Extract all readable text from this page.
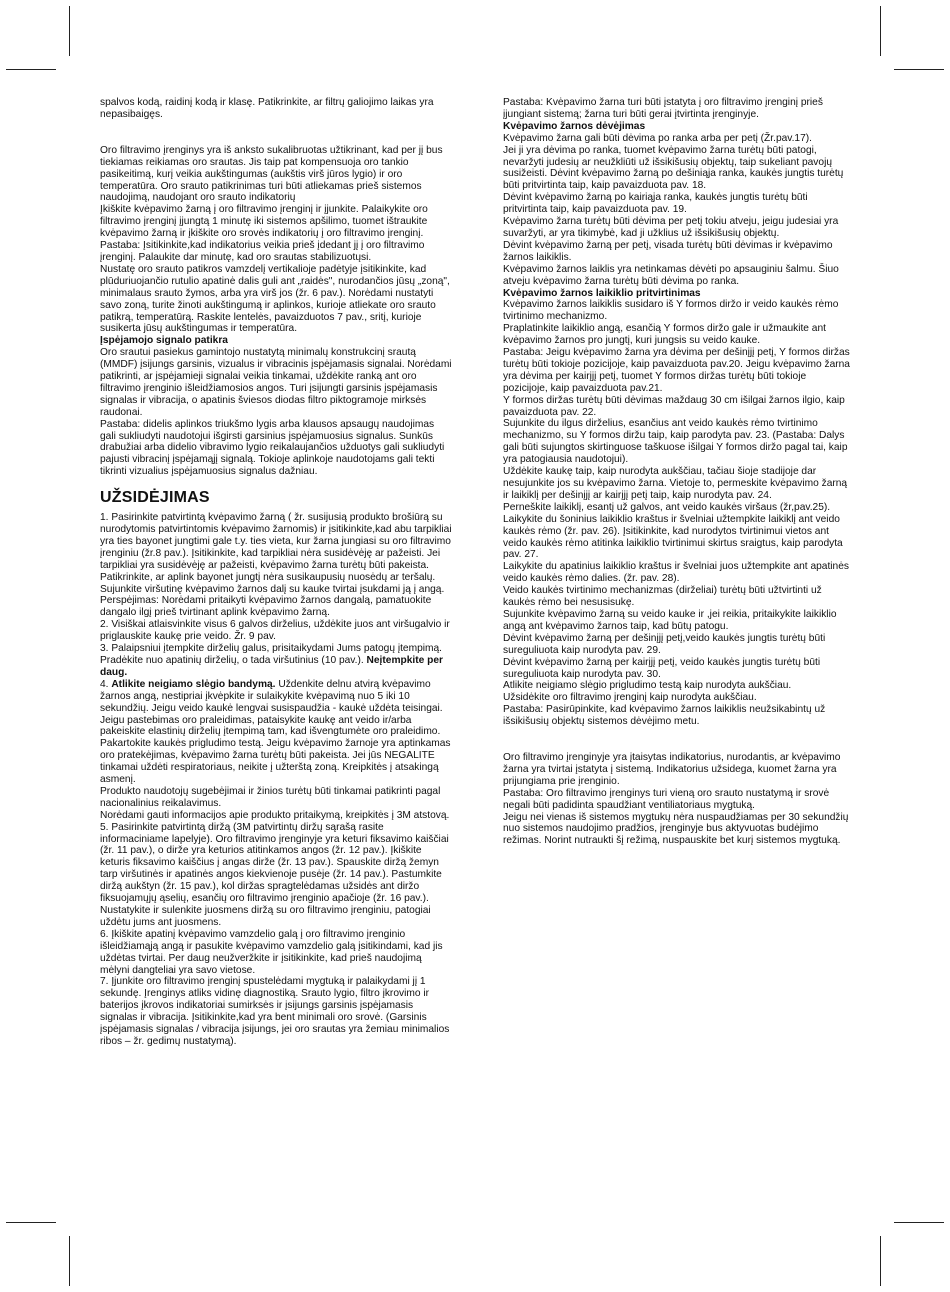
spalvos kodą, raidinį kodą ir klasę. Patikrinkite, ar filtrų galiojimo laikas yra nepasibaigęs.

Oro filtravimo įrenginys yra iš anksto sukalibruotas užtikrinant, kad per jį bus tiekiamas reikiamas oro srautas. Jis taip pat kompensuoja oro tankio pasikeitimą, kurį veikia aukštingumas (aukštis virš jūros lygio) ir oro temperatūra. Oro srauto patikrinimas turi būti atliekamas prieš sistemos naudojimą, naudojant oro srauto indikatorių

Įkiškite kvėpavimo žarną į oro filtravimo įrenginį ir įjunkite. Palaikykite oro filtravimo įrenginį įjungtą 1 minutę iki sistemos apšilimo, tuomet ištraukite kvėpavimo žarną ir įkiškite oro srovės indikatorių į oro filtravimo įrenginį.

Pastaba: Įsitikinkite,kad indikatorius veikia prieš įdedant jį į oro filtravimo įrenginį. Palaukite dar minutę, kad oro srautas stabilizuotųsi.

Nustatę oro srauto patikros vamzdelį vertikalioje padėtyje įsitikinkite, kad plūduriuojančio rutulio apatinė dalis guli ant „raidės", nurodančios jūsų „zoną", minimalaus srauto žymos, arba yra virš jos (žr. 6 pav.). Norėdami nustatyti savo zoną, turite žinoti aukštingumą ir aplinkos, kurioje atliekate oro srauto patikrą, temperatūrą. Raskite lentelės, pavaizduotos 7 pav., sritį, kurioje susikerta jūsų aukštingumas ir temperatūra.

Įspėjamojo signalo patikra

Oro srautui pasiekus gamintojo nustatytą minimalų konstrukcinį srautą (MMDF) įsijungs garsinis, vizualus ir vibracinis įspėjamasis signalai. Norėdami patikrinti, ar įspėjamieji signalai veikia tinkamai, uždėkite ranką ant oro filtravimo įrenginio išleidžiamosios angos. Turi įsijungti garsinis įspėjamasis signalas ir vibracija, o apatinis šviesos diodas filtro piktogramoje mirksės raudonai.

Pastaba: didelis aplinkos triukšmo lygis arba klausos apsaugų naudojimas gali sukliudyti naudotojui išgirsti garsinius įspėjamuosius signalus. Sunkūs drabužiai arba didelio vibravimo lygio reikalaujančios užduotys gali sukliudyti pajusti vibracinį įspėjamąjį signalą. Tokioje aplinkoje naudotojams gali tekti tikrinti vizualius įspėjamuosius signalus dažniau.

UŽSIDĖJIMAS

1. Pasirinkite patvirtintą kvėpavimo žarną ( žr. susijusią produkto brošiūrą su nurodytomis patvirtintomis kvėpavimo žarnomis) ir įsitikinkite,kad abu tarpikliai yra ties bayonet jungtimi gale t.y. ties vieta, kur žarna jungiasi su oro filtravimo įrenginiu (žr.8 pav.). Įsitikinkite, kad tarpikliai nėra susidėvėję ar pažeisti. Jei tarpikliai yra susidėvėję ar pažeisti, kvėpavimo žarna turėtų būti pakeista. Patikrinkite, ar aplink bayonet jungtį nėra susikaupusių nuosėdų ar teršalų.

Sujunkite viršutinę kvėpavimo žarnos dalį su kauke tvirtai įsukdami ją į angą.

Perspėjimas: Norėdami pritaikyti kvėpavimo žarnos dangalą, pamatuokite dangalo ilgį prieš tvirtinant aplink kvėpavimo žarną.

2. Visiškai atlaisvinkite visus 6 galvos dirželius, uždėkite juos ant viršugalvio ir priglauskite kaukę prie veido. Žr. 9 pav.

3. Palaipsniui įtempkite dirželių galus, prisitaikydami Jums patogų įtempimą. Pradėkite nuo apatinių dirželių, o tada viršutinius (10 pav.). Neįtempkite per daug.

4. Atlikite neigiamo slėgio bandymą. Uždenkite delnu atvirą kvėpavimo žarnos angą, nestipriai įkvėpkite ir sulaikykite kvėpavimą nuo 5 iki 10 sekundžių. Jeigu veido kaukė lengvai susispaudžia - kaukė uždėta teisingai. Jeigu pastebimas oro praleidimas, pataisykite kaukę ant veido ir/arba pakeiskite elastinių dirželių įtempimą tam, kad išvengtumėte oro praleidimo. Pakartokite kaukės prigludimo testą. Jeigu kvėpavimo žarnoje yra aptinkamas oro pratekėjimas, kvėpavimo žarna turėtų būti pakeista. Jei jūs NEGALITE tinkamai uždėti respiratoriaus, neikite į užterštą zoną. Kreipkitės į atsakingą asmenį.

Produkto naudotojų sugebėjimai ir žinios turėtų būti tinkamai patikrinti pagal nacionalinius reikalavimus.

Norėdami gauti informacijos apie produkto pritaikymą, kreipkitės į 3M atstovą.

5. Pasirinkite patvirtintą diržą (3M patvirtintų diržų sąrašą rasite informaciniame lapelyje). Oro filtravimo įrenginyje yra keturi fiksavimo kaiščiai (žr. 11 pav.), o dirže yra keturios atitinkamos angos (žr. 12 pav.). Įkiškite keturis fiksavimo kaiščius į angas dirže (žr. 13 pav.). Spauskite diržą žemyn tarp viršutinės ir apatinės angos kiekvienoje pusėje (žr. 14 pav.). Pastumkite diržą aukštyn (žr. 15 pav.), kol diržas spragtelėdamas užsidės ant diržo fiksuojamųjų ąselių, esančių oro filtravimo įrenginio apačioje (žr. 16 pav.). Nustatykite ir sulenkite juosmens diržą su oro filtravimo įrenginiu, patogiai uždėtu jums ant juosmens.

6. Įkiškite apatinį kvėpavimo vamzdelio galą į oro filtravimo įrenginio išleidžiamąją angą ir pasukite kvėpavimo vamzdelio galą įsitikindami, kad jis uždėtas tvirtai. Per daug neužveržkite ir įsitikinkite, kad prieš naudojimą mėlyni dangteliai yra savo vietose.

7. Įjunkite oro filtravimo įrenginį spustelėdami mygtuką ir palaikydami jį 1 sekundę. Įrenginys atliks vidinę diagnostiką. Srauto lygio, filtro įkrovimo ir baterijos įkrovos indikatoriai sumirksės ir įsijungs garsinis įspėjamasis signalas ir vibracija. Įsitikinkite,kad yra bent minimali oro srovė. (Garsinis įspėjamasis signalas / vibracija įsijungs, jei oro srautas yra žemiau minimalios ribos – žr. gedimų nustatymą).

Pastaba: Kvėpavimo žarna turi būti įstatyta į oro filtravimo įrenginį prieš įjungiant sistemą; žarna turi būti gerai įtvirtinta įrenginyje.

Kvėpavimo žarnos dėvėjimas

Kvėpavimo žarna gali būti dėvima po ranka arba per petį (Žr.pav.17).

Jei ji yra dėvima po ranka, tuomet kvėpavimo žarna turėtų būti patogi, nevaržyti judesių ar neužkliūti už išsikišusių objektų, taip sukeliant pavojų susižeisti. Dėvint kvėpavimo žarną po dešiniąja ranka, kaukės jungtis turėtų būti pritvirtinta taip, kaip pavaizduota pav. 18.

Dėvint kvėpavimo žarną po kairiąja ranka, kaukės jungtis turėtų būti pritvirtinta taip, kaip pavaizduota pav. 19.

Kvėpavimo žarna turėtų būti dėvima per petį tokiu atveju, jeigu judesiai yra suvaržyti, ar yra tikimybė, kad ji užklius už išsikišusių objektų.

Dėvint kvėpavimo žarną per petį, visada turėtų būti dėvimas ir kvėpavimo žarnos laikiklis.

Kvėpavimo žarnos laiklis yra netinkamas dėvėti po apsauginiu šalmu. Šiuo atveju kvėpavimo žarna turėtų būti dėvima po ranka.

Kvėpavimo žarnos laikiklio pritvirtinimas

Kvėpavimo žarnos laikiklis susidaro iš Y formos diržo ir veido kaukės rėmo tvirtinimo mechanizmo.

Praplatinkite laikiklio angą, esančią Y formos diržo gale ir užmaukite ant kvėpavimo žarnos pro jungtį, kuri jungsis su veido kauke.

Pastaba: Jeigu kvėpavimo žarna yra dėvima per dešinįjį petį, Y formos diržas turėtų būti tokioje pozicijoje, kaip pavaizduota pav.20. Jeigu kvėpavimo žarna yra dėvima per kairįjį petį, tuomet Y formos diržas turėtų būti tokioje pozicijoje, kaip pavaizduota pav.21.

Y formos diržas turėtų būti dėvimas maždaug 30 cm išilgai žarnos ilgio, kaip pavaizduota pav. 22.

Sujunkite du ilgus dirželius, esančius ant veido kaukės rėmo tvirtinimo mechanizmo, su Y formos diržu taip, kaip parodyta pav. 23. (Pastaba: Dalys gali būti sujungtos skirtinguose taškuose išilgai Y formos diržo pagal tai, kaip yra patogiausia naudotojui).

Uždėkite kaukę taip, kaip nurodyta aukščiau, tačiau šioje stadijoje dar nesujunkite jos su kvėpavimo žarna. Vietoje to, permeskite kvėpavimo žarną ir laikiklį per dešinįjį ar kairįjį petį taip, kaip nurodyta pav. 24.

Perneškite laikiklį, esantį už galvos, ant veido kaukės viršaus (žr,pav.25).

Laikykite du šoninius laikiklio kraštus ir švelniai užtempkite laikiklį ant veido kaukės rėmo (žr. pav. 26). Įsitikinkite, kad nurodytos tvirtinimui vietos ant veido kaukės rėmo atitinka laikiklio tvirtinimui skirtus sraigtus, kaip parodyta pav. 27.

Laikykite du apatinius laikiklio kraštus ir švelniai juos užtempkite ant apatinės veido kaukės rėmo dalies. (žr. pav. 28).

Veido kaukės tvirtinimo mechanizmas (dirželiai) turėtų būti užtvirtinti už kaukės rėmo bei nesusisukę.

Sujunkite kvėpavimo žarną su veido kauke ir ,jei reikia, pritaikykite laikiklio angą ant kvėpavimo žarnos taip, kad būtų patogu.

Dėvint kvėpavimo žarną per dešinįjį petį,veido kaukės jungtis turėtų būti sureguliuota kaip nurodyta pav. 29.

Dėvint kvėpavimo žarną per kairįjį petį, veido kaukės jungtis turėtų būti sureguliuota kaip nurodyta pav. 30.

Atlikite neigiamo slėgio prigludimo testą kaip nurodyta aukščiau.

Užsidėkite oro filtravimo įrenginį kaip nurodyta aukščiau.

Pastaba: Pasirūpinkite, kad kvėpavimo žarnos laikiklis neužsikabintų už išsikišusių objektų sistemos dėvėjimo metu.

Oro filtravimo įrenginyje yra įtaisytas indikatorius, nurodantis, ar kvėpavimo žarna yra tvirtai įstatyta į sistemą. Indikatorius užsidega, kuomet žarna yra prijungiama prie įrenginio.

Pastaba: Oro filtravimo įrenginys turi vieną oro srauto nustatymą ir srovė negali būti padidinta spaudžiant ventiliatoriaus mygtuką.

Jeigu nei vienas iš sistemos mygtukų nėra nuspaudžiamas per 30 sekundžių nuo sistemos naudojimo pradžios, įrenginyje bus aktyvuotas budėjimo režimas. Norint nutraukti šį režimą, nuspauskite bet kurį sistemos mygtuką.
